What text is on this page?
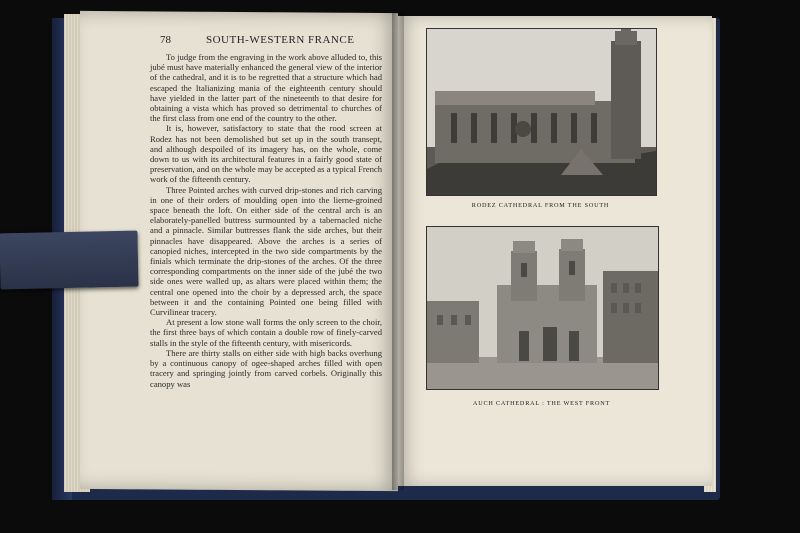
78	SOUTH-WESTERN FRANCE

To judge from the engraving in the work above alluded to, this jubé must have materially enhanced the general view of the interior of the cathedral, and it is to be regretted that a structure which had escaped the Italianizing mania of the eighteenth century should have yielded in the latter part of the nineteenth to that desire for obtaining a vista which has proved so detrimental to churches of the first class from one end of the country to the other.

It is, however, satisfactory to state that the rood screen at Rodez has not been demolished but set up in the south transept, and although despoiled of its imagery has, on the whole, come down to us with its architectural features in a fairly good state of preservation, and on the whole may be accepted as a typical French work of the fifteenth century.

Three Pointed arches with curved drip-stones and rich carving in one of their orders of moulding open into the lierne-groined space beneath the loft. On either side of the central arch is an elaborately-panelled buttress surmounted by a tabernacled niche and a pinnacle. Similar buttresses flank the side arches, but their pinnacles have disappeared. Above the arches is a series of canopied niches, intercepted in the two side compartments by the finials which terminate the drip-stones of the arches. Of the three corresponding compartments on the inner side of the jubé the two side ones were walled up, as altars were placed within them; the central one opened into the choir by a depressed arch, the space between it and the containing Pointed one being filled with Curvilinear tracery.

At present a low stone wall forms the only screen to the choir, the first three bays of which contain a double row of finely-carved stalls in the style of the fifteenth century, with misericords.

There are thirty stalls on either side with high backs overhung by a continuous canopy of ogee-shaped arches filled with open tracery and springing jointly from carved corbels. Originally this canopy was

RODEZ CATHEDRAL FROM THE SOUTH
AUCH CATHEDRAL : THE WEST FRONT
